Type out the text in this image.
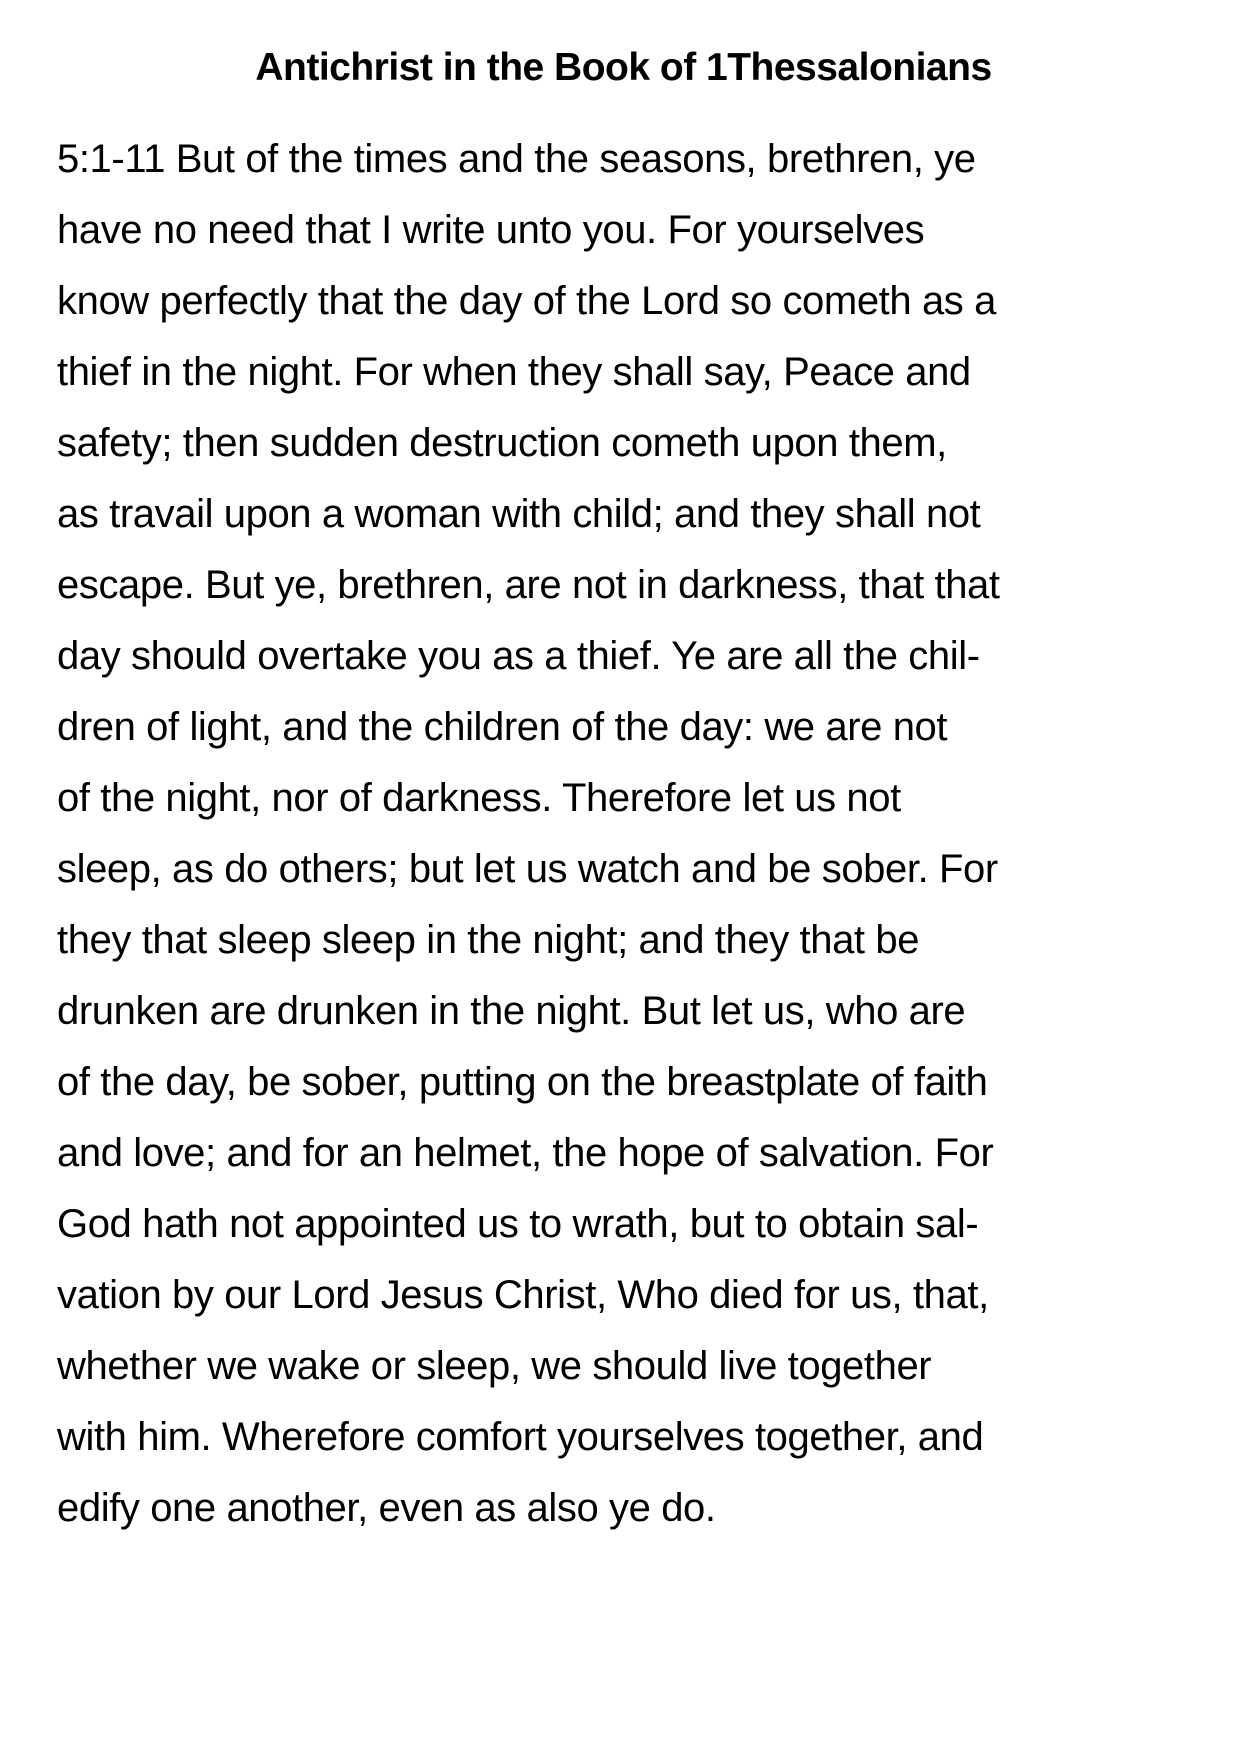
Antichrist in the Book of 1Thessalonians
5:1-11 But of the times and the seasons, brethren, ye
have no need that I write unto you. For yourselves
know perfectly that the day of the Lord so cometh as a
thief in the night. For when they shall say, Peace and
safety; then sudden destruction cometh upon them,
as travail upon a woman with child; and they shall not
escape. But ye, brethren, are not in darkness, that that
day should overtake you as a thief. Ye are all the chil-
dren of light, and the children of the day: we are not
of the night, nor of darkness. Therefore let us not
sleep, as do others; but let us watch and be sober. For
they that sleep sleep in the night; and they that be
drunken are drunken in the night. But let us, who are
of the day, be sober, putting on the breastplate of faith
and love; and for an helmet, the hope of salvation. For
God hath not appointed us to wrath, but to obtain sal-
vation by our Lord Jesus Christ, Who died for us, that,
whether we wake or sleep, we should live together
with him. Wherefore comfort yourselves together, and
edify one another, even as also ye do.
